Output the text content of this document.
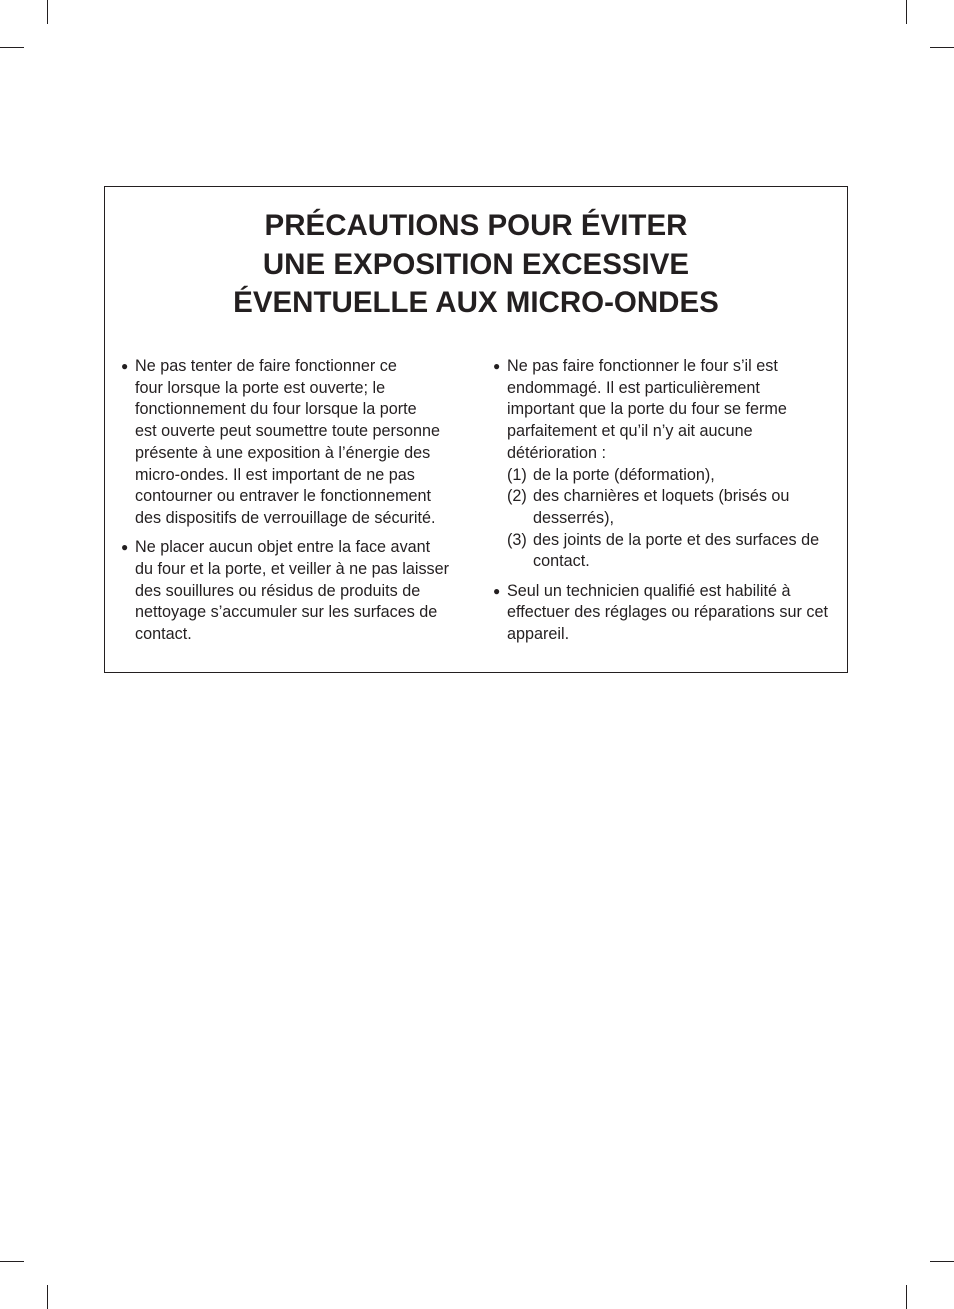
PRÉCAUTIONS POUR ÉVITER
UNE EXPOSITION EXCESSIVE
ÉVENTUELLE AUX MICRO-ONDES
● Ne pas tenter de faire fonctionner ce
four lorsque la porte est ouverte; le
fonctionnement du four lorsque la porte
est ouverte peut soumettre toute personne
présente à une exposition à l’énergie des
micro-ondes. Il est important de ne pas
contourner ou entraver le fonctionnement
des dispositifs de verrouillage de sécurité.
● Ne placer aucun objet entre la face avant
du four et la porte, et veiller à ne pas laisser
des souillures ou résidus de produits de
nettoyage s’accumuler sur les surfaces de
contact.
● Ne pas faire fonctionner le four s’il est
endommagé. Il est particulièrement
important que la porte du four se ferme
parfaitement et qu’il n’y ait aucune
détérioration :
(1) de la porte (déformation),
(2) des charnières et loquets (brisés ou
desserrés),
(3) des joints de la porte et des surfaces de
contact.
● Seul un technicien qualifié est habilité à
effectuer des réglages ou réparations sur cet
appareil.
